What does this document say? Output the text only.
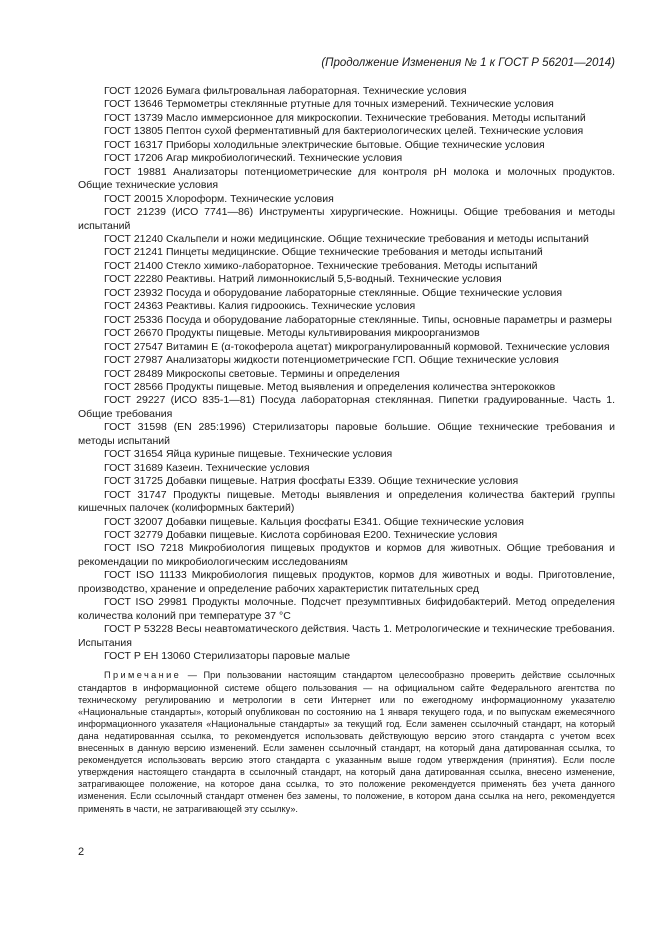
(Продолжение Изменения № 1 к ГОСТ Р 56201—2014)

ГОСТ 12026 Бумага фильтровальная лабораторная. Технические условия

ГОСТ 13646 Термометры стеклянные ртутные для точных измерений. Технические условия

ГОСТ 13739 Масло иммерсионное для микроскопии. Технические требования. Методы испытаний

ГОСТ 13805 Пептон сухой ферментативный для бактериологических целей. Технические условия

ГОСТ 16317 Приборы холодильные электрические бытовые. Общие технические условия

ГОСТ 17206 Агар микробиологический. Технические условия

ГОСТ 19881 Анализаторы потенциометрические для контроля pH молока и молочных продуктов. Общие технические условия

ГОСТ 20015 Хлороформ. Технические условия

ГОСТ 21239 (ИСО 7741—86) Инструменты хирургические. Ножницы. Общие требования и методы испытаний

ГОСТ 21240 Скальпели и ножи медицинские. Общие технические требования и методы испытаний

ГОСТ 21241 Пинцеты медицинские. Общие технические требования и методы испытаний

ГОСТ 21400 Стекло химико-лабораторное. Технические требования. Методы испытаний

ГОСТ 22280 Реактивы. Натрий лимоннокислый 5,5-водный. Технические условия

ГОСТ 23932 Посуда и оборудование лабораторные стеклянные. Общие технические условия

ГОСТ 24363 Реактивы. Калия гидроокись. Технические условия

ГОСТ 25336 Посуда и оборудование лабораторные стеклянные. Типы, основные параметры и размеры

ГОСТ 26670 Продукты пищевые. Методы культивирования микроорганизмов

ГОСТ 27547 Витамин Е (α-токоферола ацетат) микрогранулированный кормовой. Технические условия

ГОСТ 27987 Анализаторы жидкости потенциометрические ГСП. Общие технические условия

ГОСТ 28489 Микроскопы световые. Термины и определения

ГОСТ 28566 Продукты пищевые. Метод выявления и определения количества энтерококков

ГОСТ 29227 (ИСО 835-1—81) Посуда лабораторная стеклянная. Пипетки градуированные. Часть 1. Общие требования

ГОСТ 31598 (EN 285:1996) Стерилизаторы паровые большие. Общие технические требования и методы испытаний

ГОСТ 31654 Яйца куриные пищевые. Технические условия

ГОСТ 31689 Казеин. Технические условия

ГОСТ 31725 Добавки пищевые. Натрия фосфаты Е339. Общие технические условия

ГОСТ 31747 Продукты пищевые. Методы выявления и определения количества бактерий группы кишечных палочек (колиформных бактерий)

ГОСТ 32007 Добавки пищевые. Кальция фосфаты Е341. Общие технические условия

ГОСТ 32779 Добавки пищевые. Кислота сорбиновая Е200. Технические условия

ГОСТ ISO 7218 Микробиология пищевых продуктов и кормов для животных. Общие требования и рекомендации по микробиологическим исследованиям

ГОСТ ISO 11133 Микробиология пищевых продуктов, кормов для животных и воды. Приготовление, производство, хранение и определение рабочих характеристик питательных сред

ГОСТ ISO 29981 Продукты молочные. Подсчет презумптивных бифидобактерий. Метод определения количества колоний при температуре 37 °С

ГОСТ Р 53228 Весы неавтоматического действия. Часть 1. Метрологические и технические требования. Испытания

ГОСТ Р ЕН 13060 Стерилизаторы паровые малые

Примечание — При пользовании настоящим стандартом целесообразно проверить действие ссылочных стандартов в информационной системе общего пользования — на официальном сайте Федерального агентства по техническому регулированию и метрологии в сети Интернет или по ежегодному информационному указателю «Национальные стандарты», который опубликован по состоянию на 1 января текущего года, и по выпускам ежемесячного информационного указателя «Национальные стандарты» за текущий год. Если заменен ссылочный стандарт, на который дана недатированная ссылка, то рекомендуется использовать действующую версию этого стандарта с учетом всех внесенных в данную версию изменений. Если заменен ссылочный стандарт, на который дана датированная ссылка, то рекомендуется использовать версию этого стандарта с указанным выше годом утверждения (принятия). Если после утверждения настоящего стандарта в ссылочный стандарт, на который дана датированная ссылка, внесено изменение, затрагивающее положение, на которое дана ссылка, то это положение рекомендуется применять без учета данного изменения. Если ссылочный стандарт отменен без замены, то положение, в котором дана ссылка на него, рекомендуется применять в части, не затрагивающей эту ссылку».
2
